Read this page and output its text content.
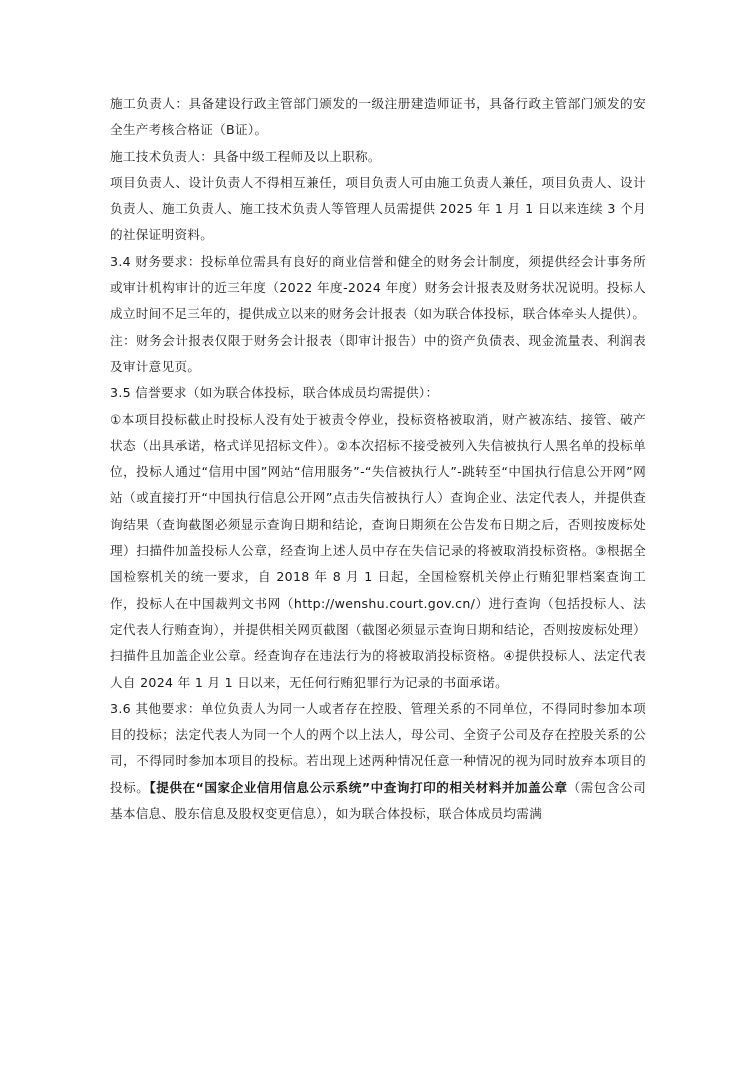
施工负责人：具备建设行政主管部门颁发的一级注册建造师证书，具备行政主管部门颁发的安全生产考核合格证（B证）。

施工技术负责人：具备中级工程师及以上职称。

项目负责人、设计负责人不得相互兼任，项目负责人可由施工负责人兼任，项目负责人、设计负责人、施工负责人、施工技术负责人等管理人员需提供 2025 年 1 月 1 日以来连续 3 个月的社保证明资料。

3.4 财务要求：投标单位需具有良好的商业信誉和健全的财务会计制度，须提供经会计事务所或审计机构审计的近三年度（2022 年度-2024 年度）财务会计报表及财务状况说明。投标人成立时间不足三年的，提供成立以来的财务会计报表（如为联合体投标，联合体牵头人提供）。

注：财务会计报表仅限于财务会计报表（即审计报告）中的资产负债表、现金流量表、利润表及审计意见页。

3.5 信誉要求（如为联合体投标，联合体成员均需提供）：

①本项目投标截止时投标人没有处于被责令停业，投标资格被取消，财产被冻结、接管、破产状态（出具承诺，格式详见招标文件）。②本次招标不接受被列入失信被执行人黑名单的投标单位，投标人通过“信用中国”网站“信用服务”-“失信被执行人”-跳转至“中国执行信息公开网”网站（或直接打开“中国执行信息公开网”点击失信被执行人）查询企业、法定代表人，并提供查询结果（查询截图必须显示查询日期和结论，查询日期须在公告发布日期之后，否则按废标处理）扫描件加盖投标人公章，经查询上述人员中存在失信记录的将被取消投标资格。③根据全国检察机关的统一要求，自 2018 年 8 月 1 日起，全国检察机关停止行贿犯罪档案查询工作，投标人在中国裁判文书网（http://wenshu.court.gov.cn/）进行查询（包括投标人、法定代表人行贿查询），并提供相关网页截图（截图必须显示查询日期和结论，否则按废标处理）扫描件且加盖企业公章。经查询存在违法行为的将被取消投标资格。④提供投标人、法定代表人自 2024 年 1 月 1 日以来，无任何行贿犯罪行为记录的书面承诺。

3.6 其他要求：单位负责人为同一人或者存在控股、管理关系的不同单位，不得同时参加本项目的投标；法定代表人为同一个人的两个以上法人，母公司、全资子公司及存在控股关系的公司，不得同时参加本项目的投标。若出现上述两种情况任意一种情况的视为同时放弃本项目的投标。【提供在“国家企业信用信息公示系统”中查询打印的相关材料并加盖公章（需包含公司基本信息、股东信息及股权变更信息），如为联合体投标，联合体成员均需满
